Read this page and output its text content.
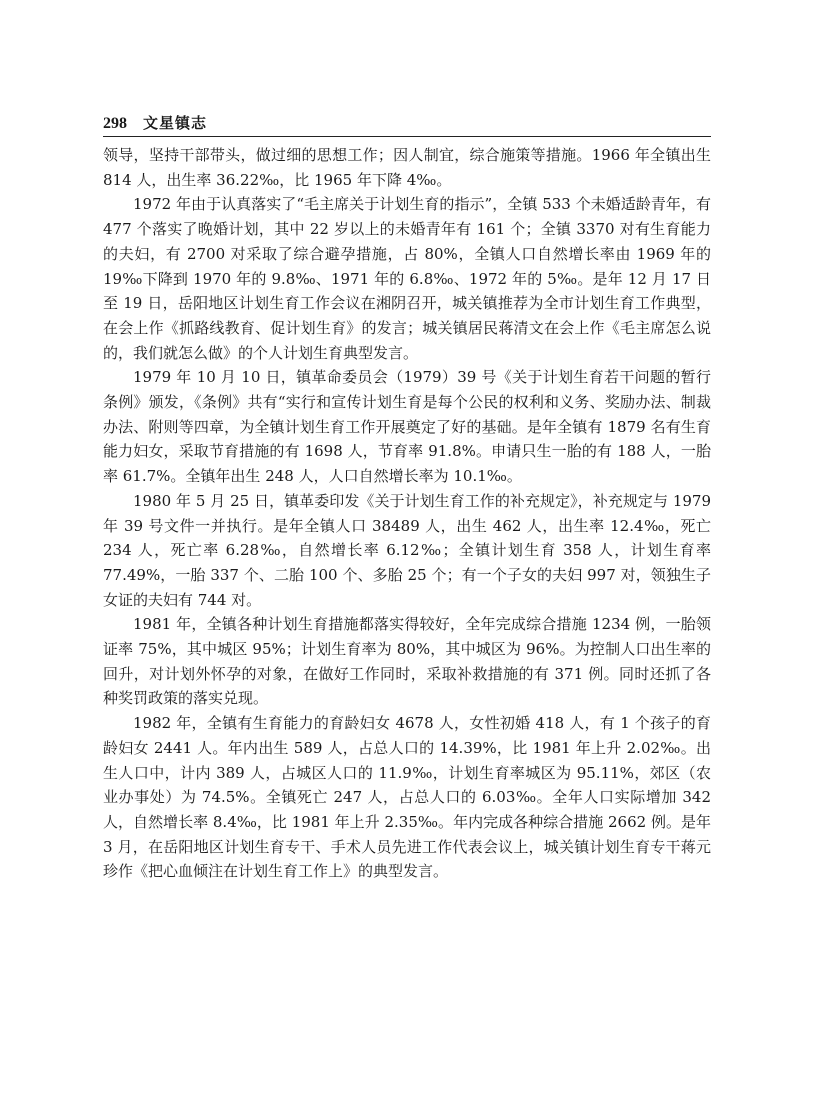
298 文星镇志

领导，坚持干部带头，做过细的思想工作；因人制宜，综合施策等措施。1966 年全镇出生 814 人，出生率 36.22‰，比 1965 年下降 4‰。

1972 年由于认真落实了“毛主席关于计划生育的指示”，全镇 533 个未婚适龄青年，有 477 个落实了晚婚计划，其中 22 岁以上的未婚青年有 161 个；全镇 3370 对有生育能力的夫妇，有 2700 对采取了综合避孕措施，占 80%，全镇人口自然增长率由 1969 年的 19‰下降到 1970 年的 9.8‰、1971 年的 6.8‰、1972 年的 5‰。是年 12 月 17 日至 19 日，岳阳地区计划生育工作会议在湘阴召开，城关镇推荐为全市计划生育工作典型，在会上作《抓路线教育、促计划生育》的发言；城关镇居民蒋清文在会上作《毛主席怎么说的，我们就怎么做》的个人计划生育典型发言。

1979 年 10 月 10 日，镇革命委员会（1979）39 号《关于计划生育若干问题的暂行条例》颁发，《条例》共有“实行和宣传计划生育是每个公民的权利和义务、奖励办法、制裁办法、附则等四章，为全镇计划生育工作开展奠定了好的基础。是年全镇有 1879 名有生育能力妇女，采取节育措施的有 1698 人，节育率 91.8%。申请只生一胎的有 188 人，一胎率 61.7%。全镇年出生 248 人，人口自然增长率为 10.1‰。

1980 年 5 月 25 日，镇革委印发《关于计划生育工作的补充规定》，补充规定与 1979 年 39 号文件一并执行。是年全镇人口 38489 人，出生 462 人，出生率 12.4‰，死亡 234 人，死亡率 6.28‰，自然增长率 6.12‰；全镇计划生育 358 人，计划生育率 77.49%，一胎 337 个、二胎 100 个、多胎 25 个；有一个子女的夫妇 997 对，领独生子女证的夫妇有 744 对。

1981 年，全镇各种计划生育措施都落实得较好，全年完成综合措施 1234 例，一胎领证率 75%，其中城区 95%；计划生育率为 80%，其中城区为 96%。为控制人口出生率的回升，对计划外怀孕的对象，在做好工作同时，采取补救措施的有 371 例。同时还抓了各种奖罚政策的落实兑现。

1982 年，全镇有生育能力的育龄妇女 4678 人，女性初婚 418 人，有 1 个孩子的育龄妇女 2441 人。年内出生 589 人，占总人口的 14.39%，比 1981 年上升 2.02‰。出生人口中，计内 389 人，占城区人口的 11.9‰，计划生育率城区为 95.11%，郊区（农业办事处）为 74.5%。全镇死亡 247 人，占总人口的 6.03‰。全年人口实际增加 342 人，自然增长率 8.4‰，比 1981 年上升 2.35‰。年内完成各种综合措施 2662 例。是年 3 月，在岳阳地区计划生育专干、手术人员先进工作代表会议上，城关镇计划生育专干蒋元珍作《把心血倾注在计划生育工作上》的典型发言。
